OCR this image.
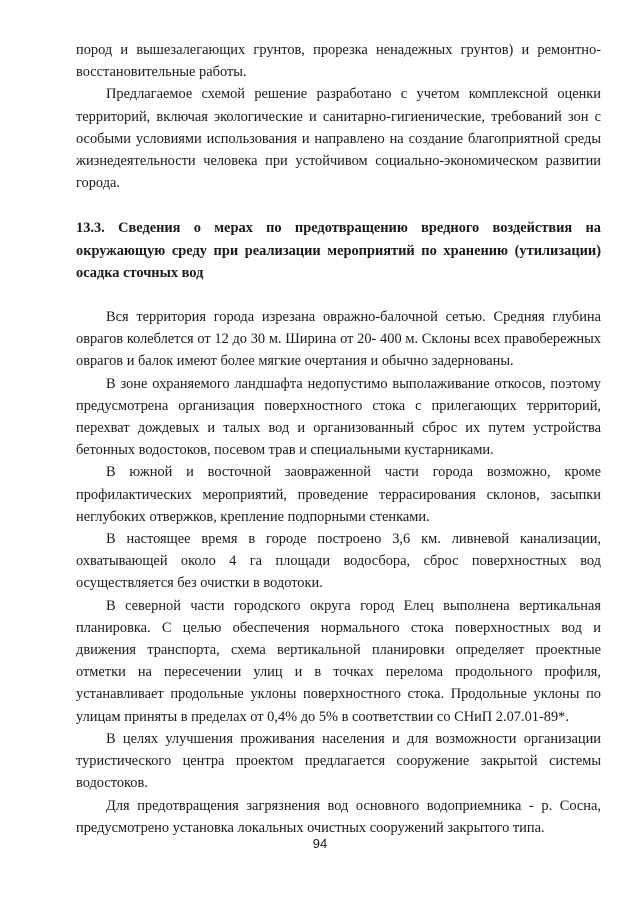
пород и вышезалегающих грунтов, прорезка ненадежных грунтов) и ремонтно-восстановительные работы.

Предлагаемое схемой решение разработано с учетом комплексной оценки территорий, включая экологические и санитарно-гигиенические, требований зон с особыми условиями использования и направлено на создание благоприятной среды жизнедеятельности человека при устойчивом социально-экономическом развитии города.

13.3. Сведения о мерах по предотвращению вредного воздействия на окружающую среду при реализации мероприятий по хранению (утилизации) осадка сточных вод

Вся территория города изрезана овражно-балочной сетью. Средняя глубина оврагов колеблется от 12 до 30 м. Ширина от 20- 400 м. Склоны всех правобережных оврагов и балок имеют более мягкие очертания и обычно задернованы.

В зоне охраняемого ландшафта недопустимо выполаживание откосов, поэтому предусмотрена организация поверхностного стока с прилегающих территорий, перехват дождевых и талых вод и организованный сброс их путем устройства бетонных водостоков, посевом трав и специальными кустарниками.

В южной и восточной заовраженной части города возможно, кроме профилактических мероприятий, проведение террасирования склонов, засыпки неглубоких отвержков, крепление подпорными стенками.

В настоящее время в городе построено 3,6 км. ливневой канализации, охватывающей около 4 га площади водосбора, сброс поверхностных вод осуществляется без очистки в водотоки.

В северной части городского округа город Елец выполнена вертикальная планировка. С целью обеспечения нормального стока поверхностных вод и движения транспорта, схема вертикальной планировки определяет проектные отметки на пересечении улиц и в точках перелома продольного профиля, устанавливает продольные уклоны поверхностного стока. Продольные уклоны по улицам приняты в пределах от 0,4% до 5% в соответствии со СНиП 2.07.01-89*.

В целях улучшения проживания населения и для возможности организации туристического центра проектом предлагается сооружение закрытой системы водостоков.

Для предотвращения загрязнения вод основного водоприемника - р. Сосна, предусмотрено установка локальных очистных сооружений закрытого типа.

94
